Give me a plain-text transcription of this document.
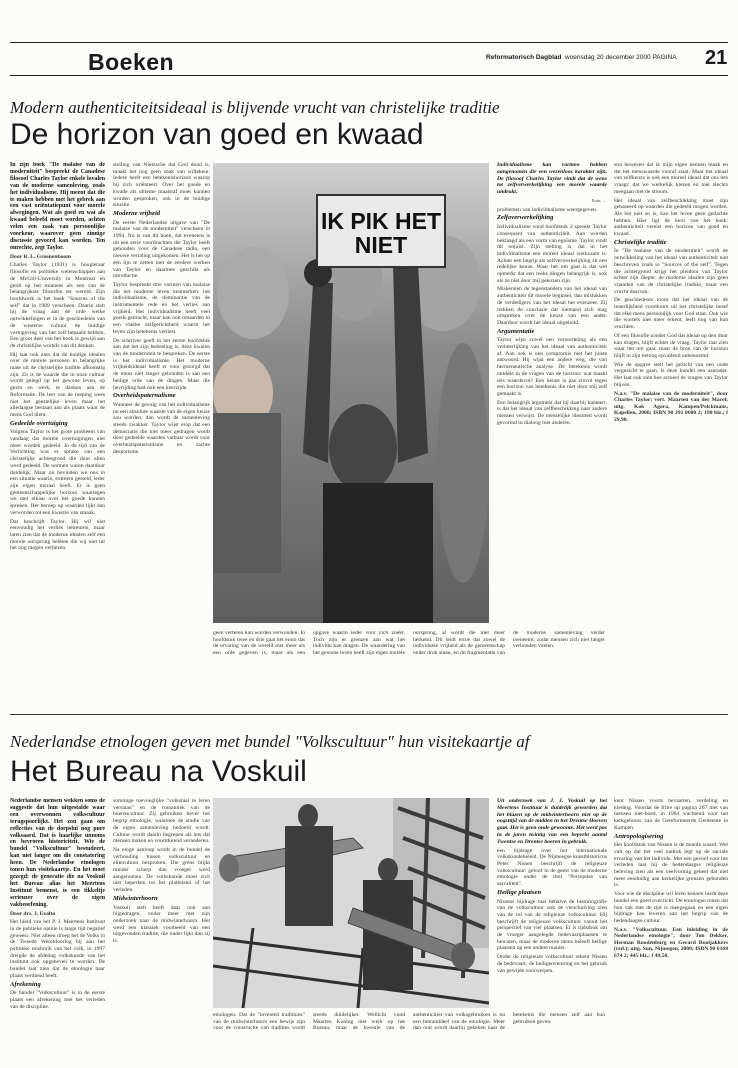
Boeken	Reformatorisch Dagblad woensdag 20 december 2000 PAGINA 21
Modern authenticiteitsideaal is blijvende vrucht van christelijke traditie
De horizon van goed en kwaad

In zijn boek "De malaise van de moderniteit" bespreekt de Canadese filosoof Charles Taylor enkele lovalen van de moderne samenleving, zoals het individualisme. Hij meent dat die te maken hebben met het gebrek aan een vast oriëntatiepunt voor morele afwegingen. Wat als goed en wat als kwaad beleefd moet worden, achten velen een zaak van persoonlijke voorkeur, waarover geen zinnige discussie gevoerd kan worden. Ten onrechte, zegt Taylor.

Door R. L. Groenenboom

Charles Taylor (1931) is hoogleraar filosofie en politieke wetenschappen aan de McGill-University in Montreal en geldt op het moment als een van de belangrijkste filosofen ter wereld. Zijn hoofdwerk is het boek "Sources of the self" dat in 1989 verscheen. Daarin stelt hij de vraag aan de orde welke ontwikkelingen er in de geschiedenis van de westerse cultuur de huidige vormgeving van het zelf bepaald hebben. Een groot deel van het boek is gewijd aan de christelijke wortels van dit denken.

Hij laat ook zien dat de huidige idealen over de morele personen in belangrijke mate uit de christelijke traditie afkomstig zijn. Zo is de waarde die in onze cultuur wordt gelegd op het gewone leven, op gezin en werk, te danken aan de Reformatie. De leer van de roeping wees niet het geestelijke leven maar het alledaagse bestaan aan als plaats waar de mens God dient.

Gedeelde overtuiging

Volgens Taylor is het grote probleem van vandaag dat morele overtuigingen niet meer worden gedeeld. In de tijd van de Verlichting was er sprake van een christelijke achtergrond die door allen werd gedeeld. De normen waren daardoor duidelijk. Maar nu bevinden we ons in een situatie waarin, extreem gesteld, ieder zijn eigen moraal heeft. Er is geen gemeenschappelijke horizon waartegen we met elkaar over het goede kunnen spreken. Het beroep op waarden lijkt dan verworden tot een kwestie van smaak.

Dat beschrijft Taylor. Hij wil niet eenvoudig het verlies betreuren, maar laten zien dat de moderne idealen zelf een morele oorsprong hebben die wij niet uit het oog mogen verliezen.

stelling van Nietzsche dat God dood is, maakt het nog geen zaak van willekeur. Iedere heeft een betekenishorizon waarop hij zich oriënteert. Over het goede en kwade als ultieme maatstaf moet kunnen worden gesproken, ook in de huidige situatie.

Moderne vrijheid

De eerste Nederlandse uitgave van "De malaise van de moderniteit" verscheen in 1994. Nu is van dit boek, dat eveneens is uit een serie voordrachten die Taylor heeft gehouden voor de Canadese radio, een nieuwe vertaling uitgekomen. Het is het op één lijn te zetten met de eerdere werken van Taylor en daarmee geschikt als introductie.

Taylor bespreekt drie vormen van malaise die het moderne leven kenmerken: het individualisme, de dominantie van de instrumentele rede en het verlies aan vrijheid. Het individualisme heeft veel goeds gebracht, maar kan ook ontaarden in een vlakke zelfgerichtheid waarin het leven zijn betekenis verliest.

De schrijver geeft in het eerste hoofdstuk aan dat het zijn bedoeling is, deze kwalen van de moderniteit te bespreken. De eerste is het individualisme. Het moderne vrijheidsideaal heeft er voor gezorgd dat de mens niet langer gebonden is aan een heilige orde van de dingen. Maar die bevrijding had ook een keerzijde.

Overheidspaternalisme

Wanneer de gevolg van het individualisme nu een absolute waarde van de eigen keuze zou worden, dan wordt de samenleving steeds zwakker. Taylor wijst erop dat een democratie die niet meer gedragen wordt door gedeelde waarden vatbaar wordt voor overheidspaternalisme en zachte despotisme.

IK PIK HET NIET

Individualisme kan vormen hebben aangenomen die een wezenloos karakter zijn. De filosoof Charles Taylor vindt dat de wens tot zelfverwerkelijking een morele waarde uitdrukt.

Foto: …

problemen van individualisme weergegeven.

Zelfoverwerkelijking

Individualisme vond hoofdstuk 2 spreekt Taylor consequent van authenticiteit. Aan worden beklaagd als een vorm van egoïsme. Taylor vindt dit onjuist. Zijn stelling is, dat in het individualisme een moreel ideaal werkzaam is. Achter een begrip als zelfverwerkelijking zit een redelijke keuze. Waar het om gaat is dat wel opmerkt dat een reeks dingen belangrijk is, ook als ze niet door mij gekozen zijn.

Miskennen de tegenstanders van het ideaal van authenticiteit dit morele beginsel, dan mislukken de verdedigers van het ideaal het evenzeer. Zij trekken de conclusie dat niemand zich mag uitspreken over de keuze van een ander. Daardoor wordt het ideaal uitgehold.

Argumentatie

Taylor wijst zowel een veroordeling als een verheerlijking van het ideaal van authenticiteit af. Aan ook is een compromis niet het juiste antwoord. Hij wijst een andere weg, die van hermeneutische analyse. De betekenis wordt ontdekt in de vragen van de horizon: wat maakt iets waardevol? Een keuze is pas zinvol tegen een horizon van betekenis die niet door mij zelf gemaakt is.

Een belangrijk argument dat hij daarbij hanteert, is dat het ideaal van zelfbeschikking naar andere mensen verwijst. De menselijke identiteit wordt gevormd in dialoog met anderen.

stut bewezen dat ik mijn eigen kennen maak en dat het menswaarde vooraf staat. Maar het ideaal van zelfkeuze is ook een moreel ideaal dat ons iets vraagt: dat we werkelijk kiezen en niet slechts meegaan met de stroom.

Het ideaal van zelfbeschikking moet zijn gebaseerd op waarden die gedeeld mogen worden. Als het niet zo is, kan het leven geen gedachte hebben. Hier ligt de kern van het boek: authenticiteit vereist een horizon van goed en kwaad.

Christelijke traditie

In "De malaise van de moderniteit" wordt de ontwikkeling van het ideaal van authenticiteit niet beschreven zoals in "Sources of the self". Tegen die achtergrond krijgt het pleidooi van Taylor echter zijn diepte: de moderne idealen zijn geen vijanden van de christelijke traditie, maar een vrucht daarvan.

De geschiedenis toont dat het ideaal van de innerlijkheid voortkomt uit het christelijke besef dat elke mens persoonlijk voor God staat. Ook wie die wortels niet meer erkent, leeft nog van hun vruchten.

Of een filosofie zonder God dat ideaal op den duur kan dragen, blijft echter de vraag. Taylor laat zien waar het om gaat, maar de bron van de horizon blijft in zijn betoog opvallend onbenoemd.

Wie de opgave stelt het gezicht van een oude vergezicht te gaan, is deze bundel een aanrader. Het laat ook zien hoe actueel de vragen van Taylor blijven.

N.a.v. "De malaise van de moderniteit", door Charles Taylor; vert. Maarten van der Marel; uitg. Kok Agora, Kampen/Pelckmans, Kapellen, 2000; ISBN 90 391 0600 2; 190 blz.; f 29,90.

geen verteren kan worden verwonden. In hoofdstuk twee en drie gaat het erom dat de ervaring van de wereld niet meer als een orde gegeven is, maar als een opgave waarin ieder voor zich zoekt. Toch zijn er grenzen aan wat het individu kan dragen. De waardering van het gewone leven heeft zijn eigen morele oorsprong, al wordt die niet meer herkend. Dit leidt ertoe dat zowel de individuele vrijheid als de gemeenschap onder druk staan, en de fragmentatie van de moderne samenleving verder toeneemt, zodat mensen zich niet langer verbonden voelen.

Nederlandse etnologen geven met bundel "Volkscultuur" hun visitekaartje af
Het Bureau na Voskuil

Nederlandse mensen wekken soms de suggestie dat hun uitgestalde waar een overwonnen volkscultuur terugspoorlijkt. Het zou gaan om reflecties van de dorpslui nog pure volksaard. Dat is haarlijke unnoms en bevroren historiciteit. Wie de bundel "Volkscultuur" bestudeert, kan niet langer om die constatering heen. De Nederlandse etnologen tonen hun visitekaartje. En het moet gezegd: de generatie die na Voskuil het Bureau alias het Meertens Instituut bemenst, is een tikkeltje serieuzer over de eigen vakbeoefening.

Door drs. J. Exalto

Het hield van het P. J. Meertens Instituut in de publieke opinie is lange tijd negatief geweest. Niet alleen droeg het de Volks in de Tweede Wereldoorlog bij aan het politieke misbruik van het volk, in 1997 dreigde de afdeling volkskunde van het instituut ook opgeheven te worden. De bundel laat zien dat de etnologie haar plaats verdiend heeft.

Afrekening

De bundel "Volkscultuur" is in de eerste plaats een afrekening met het verleden van de discipline.

sommige toevoeglijke "volkstaal te leren verstaan" en de romantiek van de boerencultuur. Zij gebruiken liever het begrip etnologie, waarmee de studie van de eigen samenleving bedoeld wordt. Cultuur wordt daarin begrepen als iets dat mensen maken en voortdurend veranderen.

Na enige aanloop wordt in de bundel de verhouding tussen volkscultuur en elitecultuur besproken. Die grens blijkt minder scherp dan vroeger werd aangenomen. De volkskunde moet zich niet beperken tot het platteland of het verleden.

Midwinterhoorn

Voskuil stelt heeft daar ook aan bijgedragen, onder meer met zijn onderzoek naar de midwinterhoorn. Het werd een klassiek voorbeeld van een uitgevonden traditie, die ouder lijkt dan zij is.

etnologen. Dat de "invented traditions" van de midwinterhoorn een bewijs zijn voor de constructie van tradities wordt steeds duidelijker. Wellicht vond Maarten Koning niet werk op het Bureau, maar de kwestie van de authenticiteit van volksgebruiken is nu een bestanddeel van de etnologie. Meer dan ooit wordt daarbij gekeken naar de betekenis die mensen zelf aan hun gebruiken geven.

Uit onderzoek van J. J. Voskuil op het Meertens Instituut is duidelijk geworden dat het blazen op de midwinterhoorn niet op de oogsttijd van de midden in het Drentse Hoeven gaat. Het is geen oude gewoonte. Het werd pas in de jaren twintig van een beperkt aantal Twentse en Drentse boeren in gebruik.

een bijdrage over het internationale volkskundebeleid. De Nijmeegse kunsthistoricus Peter Nissen beschrijft de religieuze volkscultuur: geloof in de geest van de moderne etnologie onder de titel "Percepties van sacraliteit".

Heilige plaatsen

Nissens bijdrage laat behalve de historiografie van de volkscultuur ook de verschuiving zien van de rol van de religieuze volkscultuur. Hij beschrijft de religieuze volkscultuur vanuit het perspectief van vier plaatsen. Er is tijdsdruk om de vroeger aangelegde bedevaartplaatsen te bewaren, maar de moderne mens beleeft heilige plaatsen op een andere manier.

Onder de religieuze volkscultuur rekent Nissen de bedevaart, de heiligenverering en het gebruik van gewijde voorwerpen.

kent Nissen voorts bevaarten, verdeling en kleding. Voordat de fritte op pagina 267 met van mensen met-hoed, in 1984 wachtend voor het kerkgebouw van de Gereformeerde Gemeente in Kampen.

Antropologisering

Het hoofdstuk van Nissen is de moeite waard. Wel valt op dat het veel nadruk legt op de sacrale ervaring van het individu. Met een gevoel voor het verleden laat hij de hedendaagse religieuze beleving zien als een veelvormig geheel dat niet meer eenduidig aan kerkelijke grenzen gebonden is.

Voor wie de discipline wil leren kennen biedt deze bundel een goed overzicht. De etnologen tonen dat hun vak met de tijd is meegegaan en een eigen bijdrage kan leveren aan het begrip van de hedendaagse cultuur.

N.a.v. "Volkscultuur. Een inleiding in de Nederlandse etnologie", door Ton Dekker, Herman Roodenburg en Gerard Rooijakkers (red.); uitg. Sun, Nijmegen, 2000; ISBN 90 6168 674 2; 445 blz.; f 49,50.
